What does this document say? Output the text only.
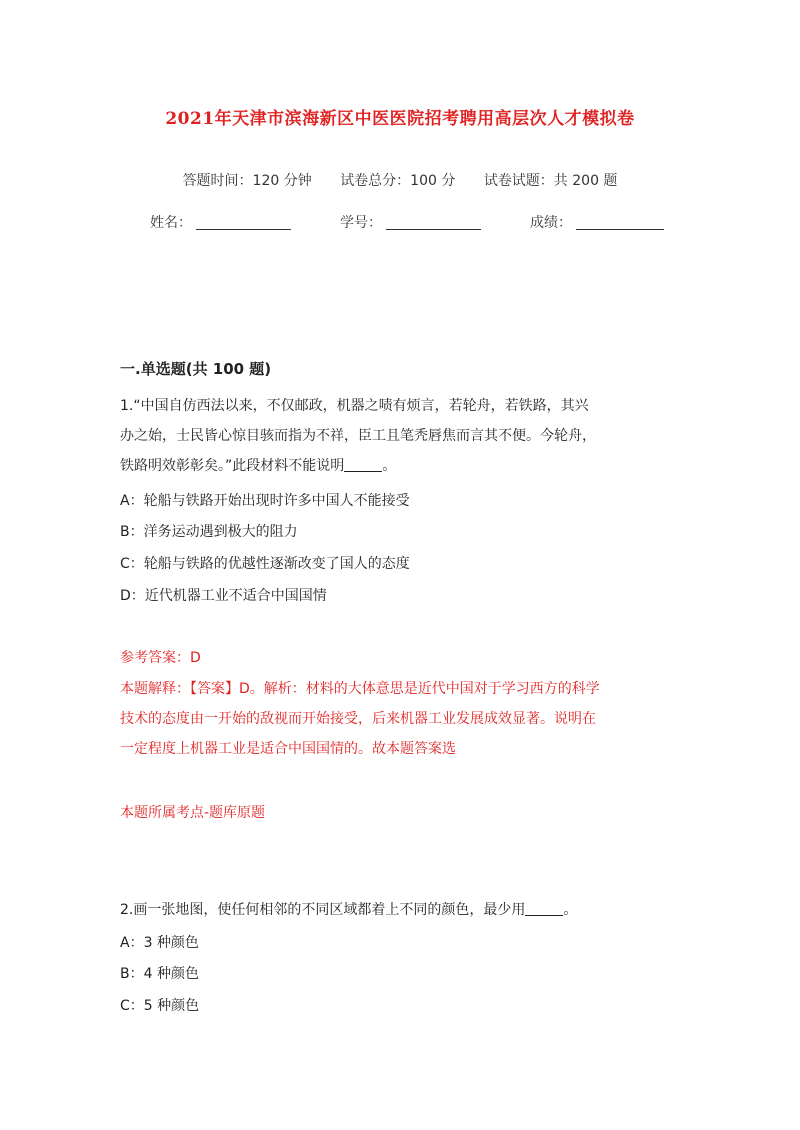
2021年天津市滨海新区中医医院招考聘用高层次人才模拟卷
答题时间：120 分钟 试卷总分：100 分 试卷试题：共 200 题
姓名：	学号：	成绩：
一.单选题(共 100 题)
1.“中国自仿西法以来，不仅邮政，机器之啧有烦言，若轮舟，若铁路，其兴
办之始，士民皆心惊目骇而指为不祥，臣工且笔秃唇焦而言其不便。今轮舟，
铁路明效彰彰矣。”此段材料不能说明	。
A：轮船与铁路开始出现时许多中国人不能接受
B：洋务运动遇到极大的阻力
C：轮船与铁路的优越性逐渐改变了国人的态度
D：近代机器工业不适合中国国情
参考答案：D
本题解释：【答案】D。解析：材料的大体意思是近代中国对于学习西方的科学
技术的态度由一开始的敌视而开始接受，后来机器工业发展成效显著。说明在
一定程度上机器工业是适合中国国情的。故本题答案选
本题所属考点-题库原题
2.画一张地图，使任何相邻的不同区域都着上不同的颜色，最少用	。
A：3 种颜色
B：4 种颜色
C：5 种颜色
